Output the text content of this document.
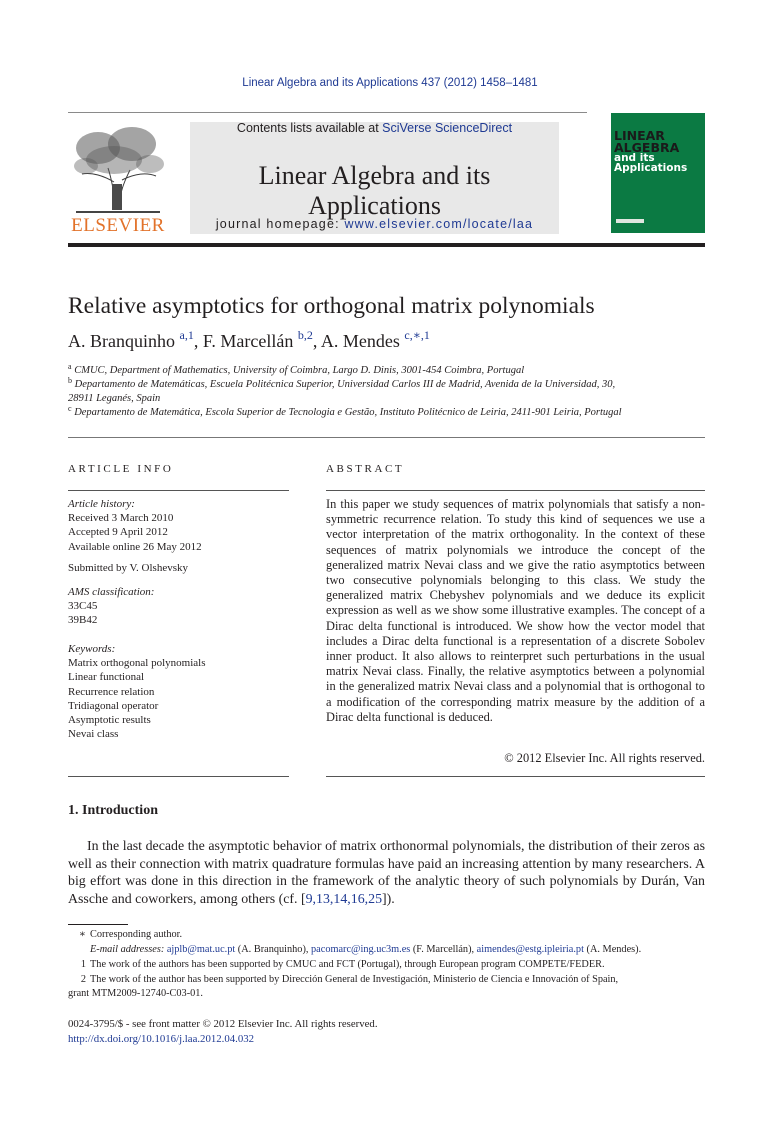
Linear Algebra and its Applications 437 (2012) 1458–1481
ELSEVIER
Contents lists available at SciVerse ScienceDirect
Linear Algebra and its Applications
journal homepage: www.elsevier.com/locate/laa
LINEAR
ALGEBRA
and its
Applications
Relative asymptotics for orthogonal matrix polynomials
A. Branquinho $^{a,1}$, F. Marcellán $^{b,2}$, A. Mendes $^{c,∗,1}$
$^a$ CMUC, Department of Mathematics, University of Coimbra, Largo D. Dinis, 3001-454 Coimbra, Portugal
$^b$ Departamento de Matemáticas, Escuela Politécnica Superior, Universidad Carlos III de Madrid, Avenida de la Universidad, 30,
28911 Leganés, Spain
$^c$ Departamento de Matemática, Escola Superior de Tecnologia e Gestão, Instituto Politécnico de Leiria, 2411-901 Leiria, Portugal
ARTICLE INFO	ABSTRACT
Article history:
Received 3 March 2010
Accepted 9 April 2012
Available online 26 May 2012
Submitted by V. Olshevsky
AMS classification:
33C45
39B42
Keywords:
Matrix orthogonal polynomials
Linear functional
Recurrence relation
Tridiagonal operator
Asymptotic results
Nevai class
In this paper we study sequences of matrix polynomials that satisfy a non-symmetric recurrence relation. To study this kind of sequences we use a vector interpretation of the matrix orthogonality. In the context of these sequences of matrix polynomials we introduce the concept of the generalized matrix Nevai class and we give the ratio asymptotics between two consecutive polynomials belonging to this class. We study the generalized matrix Chebyshev polynomials and we deduce its explicit expression as well as we show some illustrative examples. The concept of a Dirac delta functional is introduced. We show how the vector model that includes a Dirac delta functional is a representation of a discrete Sobolev inner product. It also allows to reinterpret such perturbations in the usual matrix Nevai class. Finally, the relative asymptotics between a polynomial in the generalized matrix Nevai class and a polynomial that is orthogonal to a modification of the corresponding matrix measure by the addition of a Dirac delta functional is deduced.
© 2012 Elsevier Inc. All rights reserved.
1. Introduction
In the last decade the asymptotic behavior of matrix orthonormal polynomials, the distribution of their zeros as well as their connection with matrix quadrature formulas have paid an increasing attention by many researchers. A big effort was done in this direction in the framework of the analytic theory of such polynomials by Durán, Van Assche and coworkers, among others (cf. [9,13,14,16,25]).
∗ Corresponding author.
E-mail addresses: ajplb@mat.uc.pt (A. Branquinho), pacomarc@ing.uc3m.es (F. Marcellán), aimendes@estg.ipleiria.pt (A. Mendes).
1 The work of the authors has been supported by CMUC and FCT (Portugal), through European program COMPETE/FEDER.
2 The work of the author has been supported by Dirección General de Investigación, Ministerio de Ciencia e Innovación of Spain,
grant MTM2009-12740-C03-01.
0024-3795/$ - see front matter © 2012 Elsevier Inc. All rights reserved.
http://dx.doi.org/10.1016/j.laa.2012.04.032
